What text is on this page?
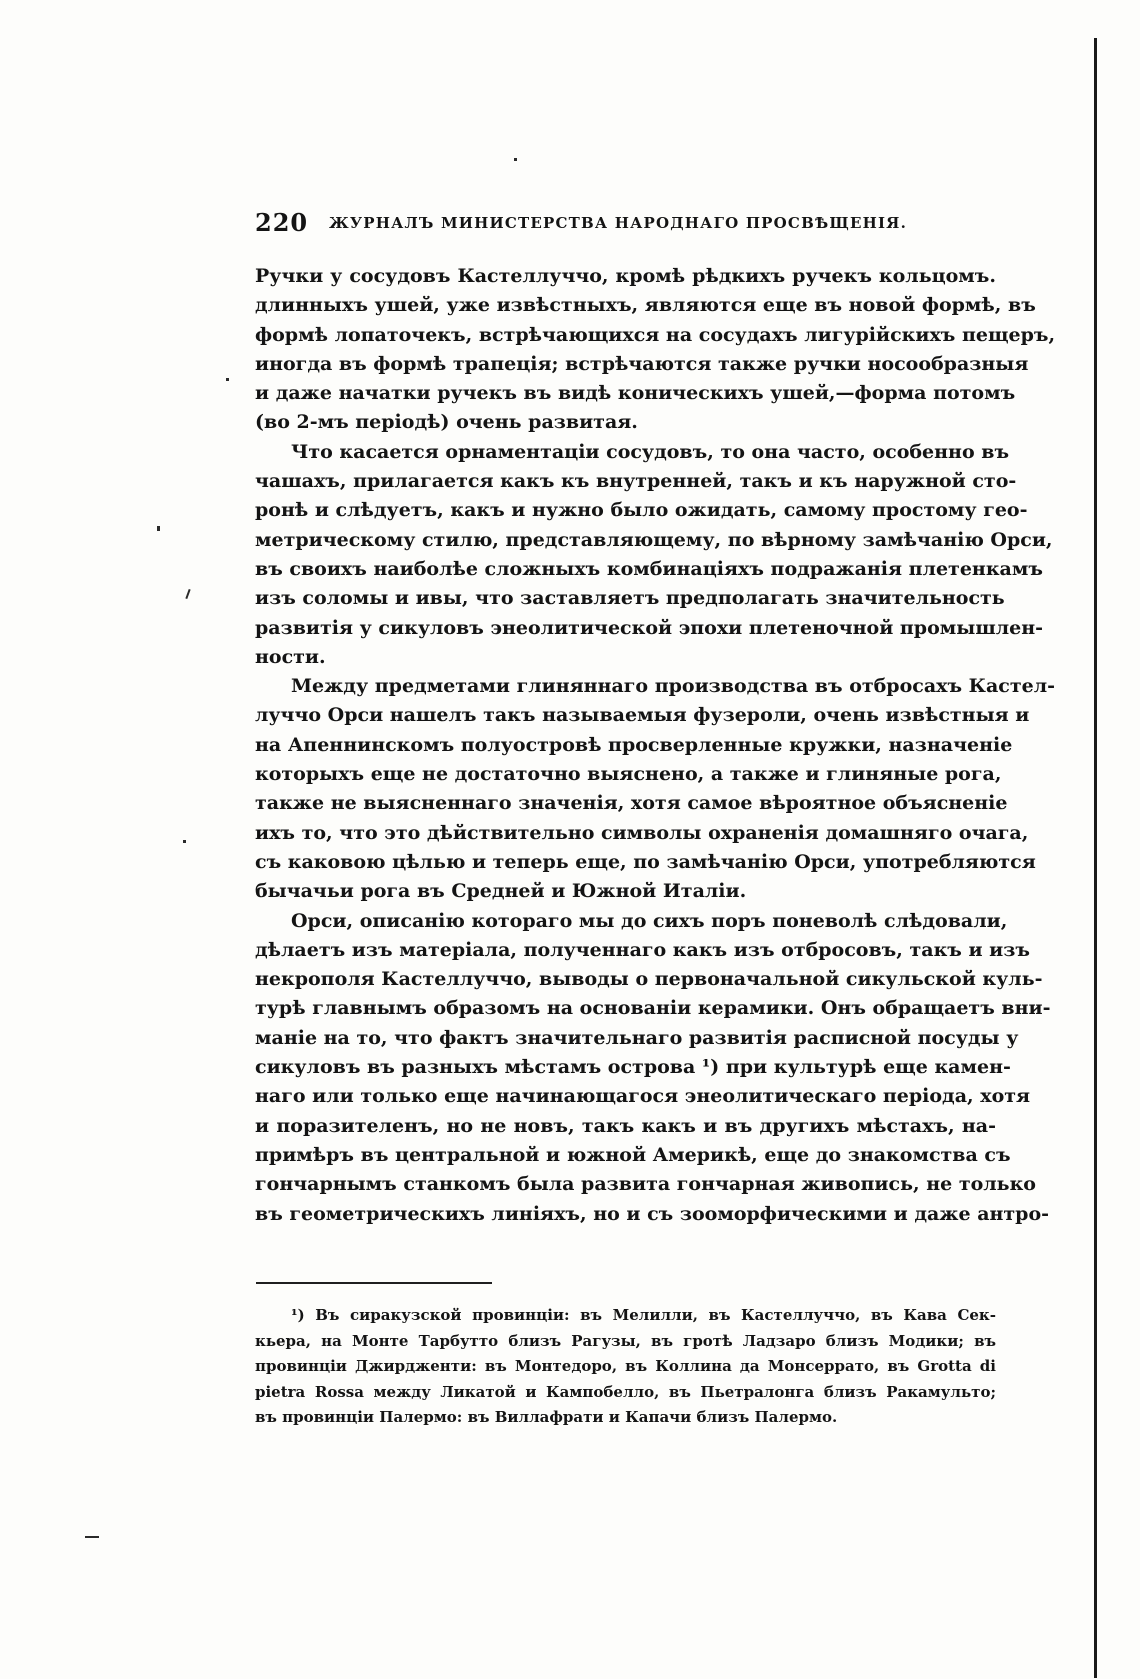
220 ЖУРНАЛЪ МИНИСТЕРСТВА НАРОДНАГО ПРОСВѢЩЕНІЯ.
Ручки у сосудовъ Кастеллуччо, кромѣ рѣдкихъ ручекъ кольцомъ.
длинныхъ ушей, уже извѣстныхъ, являются еще въ новой формѣ, въ
формѣ лопаточекъ, встрѣчающихся на сосудахъ лигурійскихъ пещеръ,
иногда въ формѣ трапеція; встрѣчаются также ручки носообразныя
и даже начатки ручекъ въ видѣ коническихъ ушей,—форма потомъ
(во 2-мъ періодѣ) очень развитая.
Что касается орнаментаціи сосудовъ, то она часто, особенно въ
чашахъ, прилагается какъ къ внутренней, такъ и къ наружной сто-
ронѣ и слѣдуетъ, какъ и нужно было ожидать, самому простому гео-
метрическому стилю, представляющему, по вѣрному замѣчанію Орси,
въ своихъ наиболѣе сложныхъ комбинаціяхъ подражанія плетенкамъ
изъ соломы и ивы, что заставляетъ предполагать значительность
развитія у сикуловъ энеолитической эпохи плетеночной промышлен-
ности.
Между предметами глиняннаго производства въ отбросахъ Кастел-
луччо Орси нашелъ такъ называемыя фузероли, очень извѣстныя и
на Апеннинскомъ полуостровѣ просверленные кружки, назначеніе
которыхъ еще не достаточно выяснено, а также и глиняные рога,
также не выясненнаго значенія, хотя самое вѣроятное объясненіе
ихъ то, что это дѣйствительно символы охраненія домашняго очага,
съ каковою цѣлью и теперь еще, по замѣчанію Орси, употребляются
бычачьи рога въ Средней и Южной Италіи.
Орси, описанію котораго мы до сихъ поръ поневолѣ слѣдовали,
дѣлаетъ изъ матеріала, полученнаго какъ изъ отбросовъ, такъ и изъ
некрополя Кастеллуччо, выводы о первоначальной сикульской куль-
турѣ главнымъ образомъ на основаніи керамики. Онъ обращаетъ вни-
маніе на то, что фактъ значительнаго развитія расписной посуды у
сикуловъ въ разныхъ мѣстамъ острова ¹) при культурѣ еще камен-
наго или только еще начинающагося энеолитическаго періода, хотя
и поразителенъ, но не новъ, такъ какъ и въ другихъ мѣстахъ, на-
примѣръ въ центральной и южной Америкѣ, еще до знакомства съ
гончарнымъ станкомъ была развита гончарная живопись, не только
въ геометрическихъ линіяхъ, но и съ зооморфическими и даже антро-
¹) Въ сиракузской провинціи: въ Мелилли, въ Кастеллуччо, въ Кава Сек-
кьера, на Монте Тарбутто близъ Рагузы, въ гротѣ Ладзаро близъ Модики; въ
провинціи Джирдженти: въ Монтедоро, въ Коллина да Монсеррато, въ Grotta di
pietra Rossa между Ликатой и Кампобелло, въ Пьетралонга близъ Ракамульто;
въ провинціи Палермо: въ Виллафрати и Капачи близъ Палермо.
